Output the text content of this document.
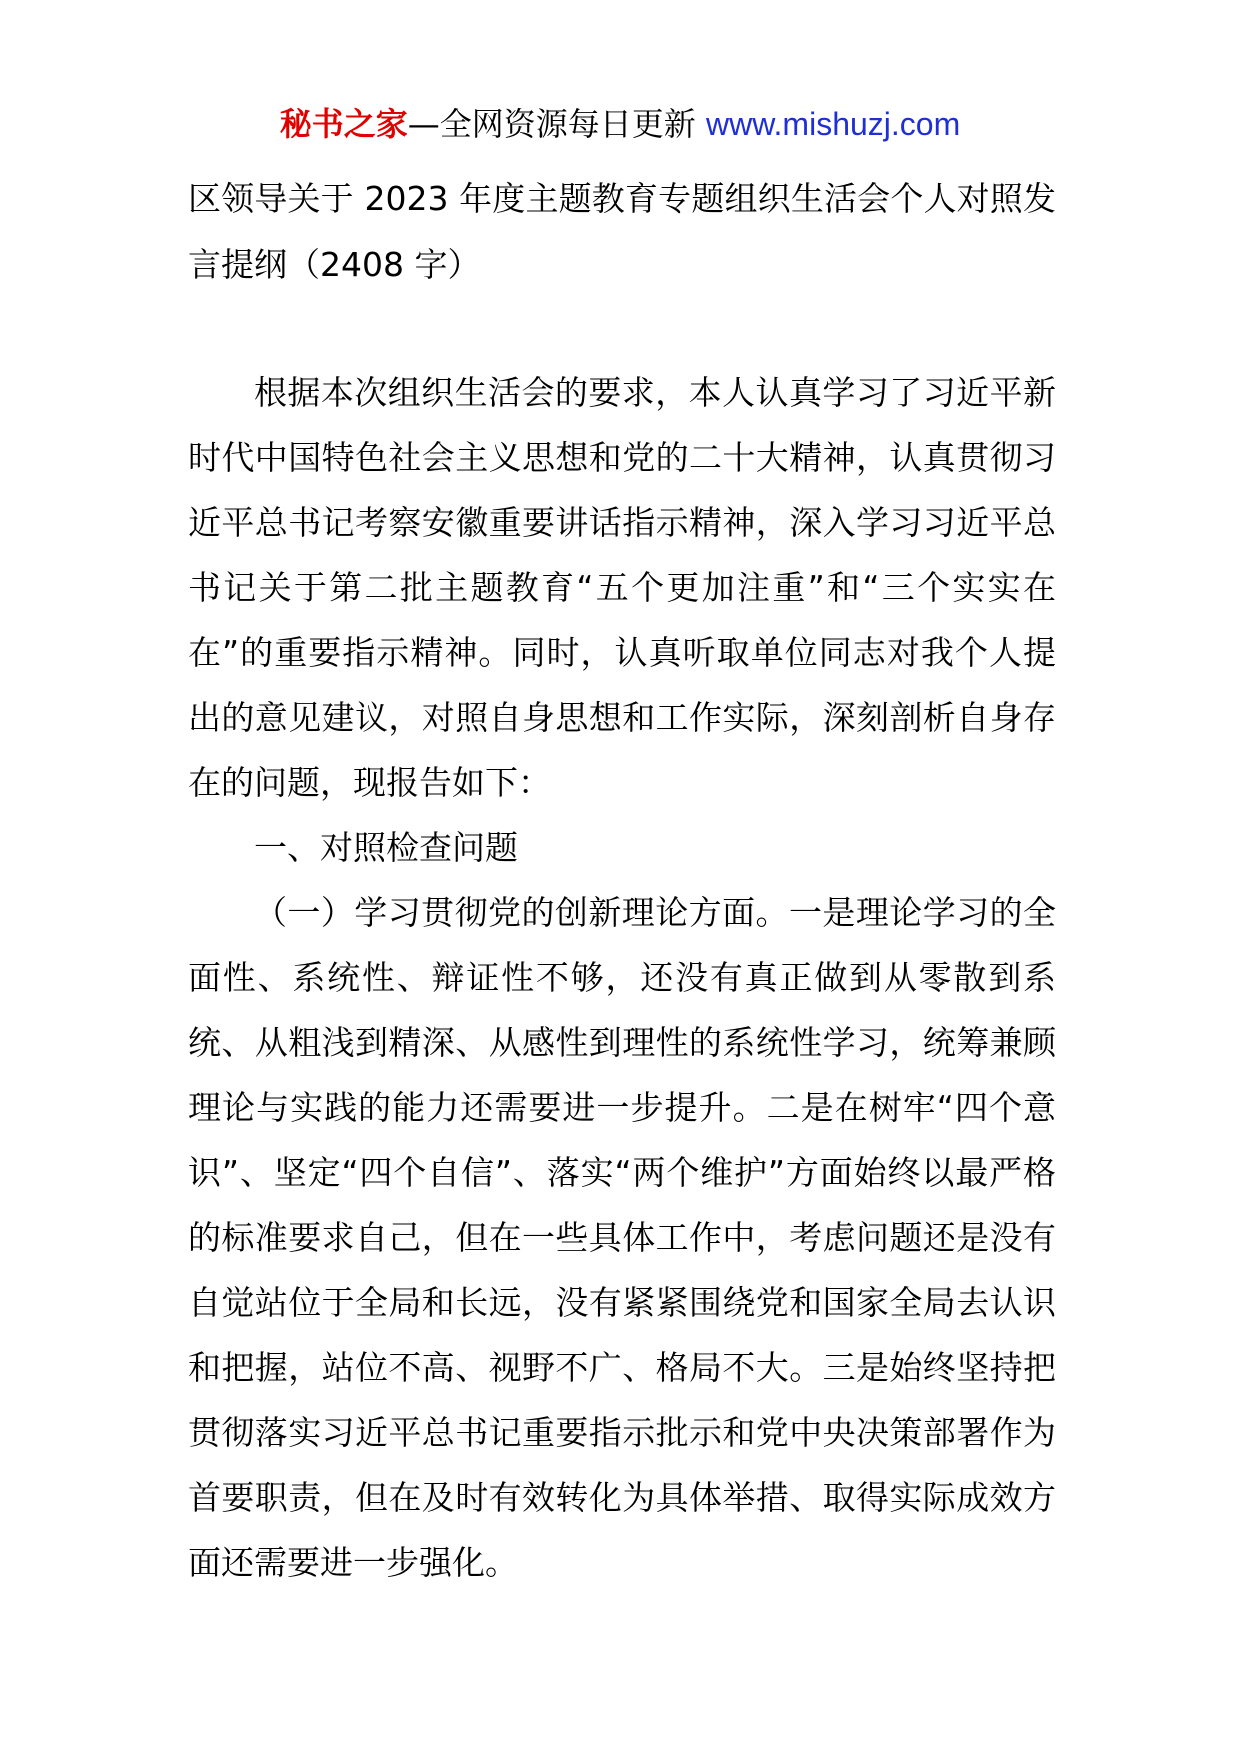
秘书之家—全网资源每日更新 www.mishuzj.com

区领导关于 2023 年度主题教育专题组织生活会个人对照发言提纲（2408 字）

根据本次组织生活会的要求，本人认真学习了习近平新时代中国特色社会主义思想和党的二十大精神，认真贯彻习近平总书记考察安徽重要讲话指示精神，深入学习习近平总书记关于第二批主题教育“五个更加注重”和“三个实实在在”的重要指示精神。同时，认真听取单位同志对我个人提出的意见建议，对照自身思想和工作实际，深刻剖析自身存在的问题，现报告如下：

一、对照检查问题

（一）学习贯彻党的创新理论方面。一是理论学习的全面性、系统性、辩证性不够，还没有真正做到从零散到系统、从粗浅到精深、从感性到理性的系统性学习，统筹兼顾理论与实践的能力还需要进一步提升。二是在树牢“四个意识”、坚定“四个自信”、落实“两个维护”方面始终以最严格的标准要求自己，但在一些具体工作中，考虑问题还是没有自觉站位于全局和长远，没有紧紧围绕党和国家全局去认识和把握，站位不高、视野不广、格局不大。三是始终坚持把贯彻落实习近平总书记重要指示批示和党中央决策部署作为首要职责，但在及时有效转化为具体举措、取得实际成效方面还需要进一步强化。
